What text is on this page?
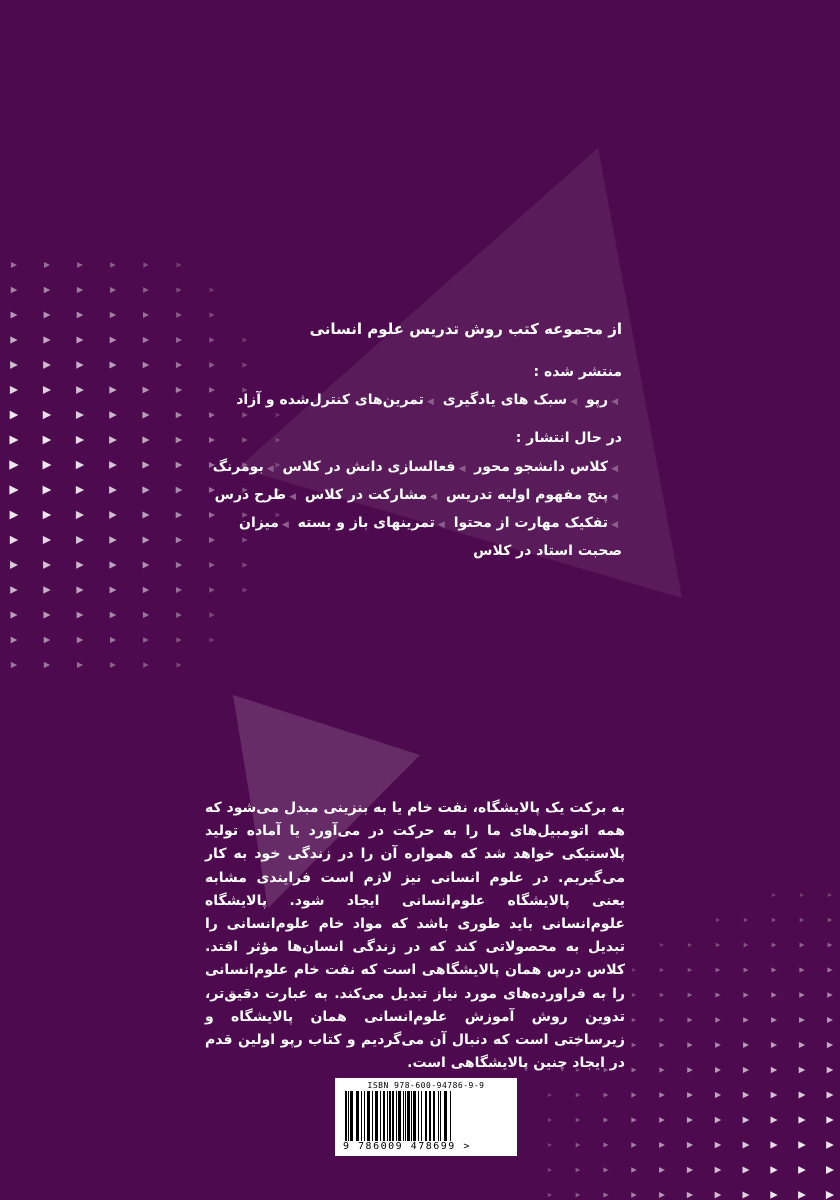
از مجموعه کتب روش تدریس علوم انسانی
منتشر شده :
◀رپو ◀سبک های یادگیری ◀تمرین‌های کنترل‌شده و آزاد
در حال انتشار :
◀کلاس دانشجو محور ◀فعالسازی دانش در کلاس ◀بومرنگ ◀پنج مفهوم اولیه تدریس ◀مشارکت در کلاس ◀طرح درس ◀تفکیک مهارت از محتوا ◀تمرینهای باز و بسته ◀میزان صحبت استاد در کلاس
به برکت یک پالایشگاه، نفت خام یا به بنزینی مبدل می‌شود که همه اتومبیل‌های ما را به حرکت در می‌آورد یا آماده تولید پلاستیکی خواهد شد که همواره آن را در زندگی خود به کار می‌گیریم. در علوم انسانی نیز لازم است فرایندی مشابه یعنی پالایشگاه علوم‌انسانی ایجاد شود. پالایشگاه علوم‌انسانی باید طوری باشد که مواد خام علوم‌انسانی را تبدیل به محصولاتی کند که در زندگی انسان‌ها مؤثر افتد. کلاس درس همان پالایشگاهی است که نفت خام علوم‌انسانی را به فراورده‌های مورد نیاز تبدیل می‌کند. به عبارت دقیق‌تر، تدوین روش آموزش علوم‌انسانی همان پالایشگاه و زیرساختی است که دنبال آن می‌گردیم و کتاب رپو اولین قدم در ایجاد چنین پالایشگاهی است.
ISBN 978-600-94786-9-9
9 786009 478699 >
